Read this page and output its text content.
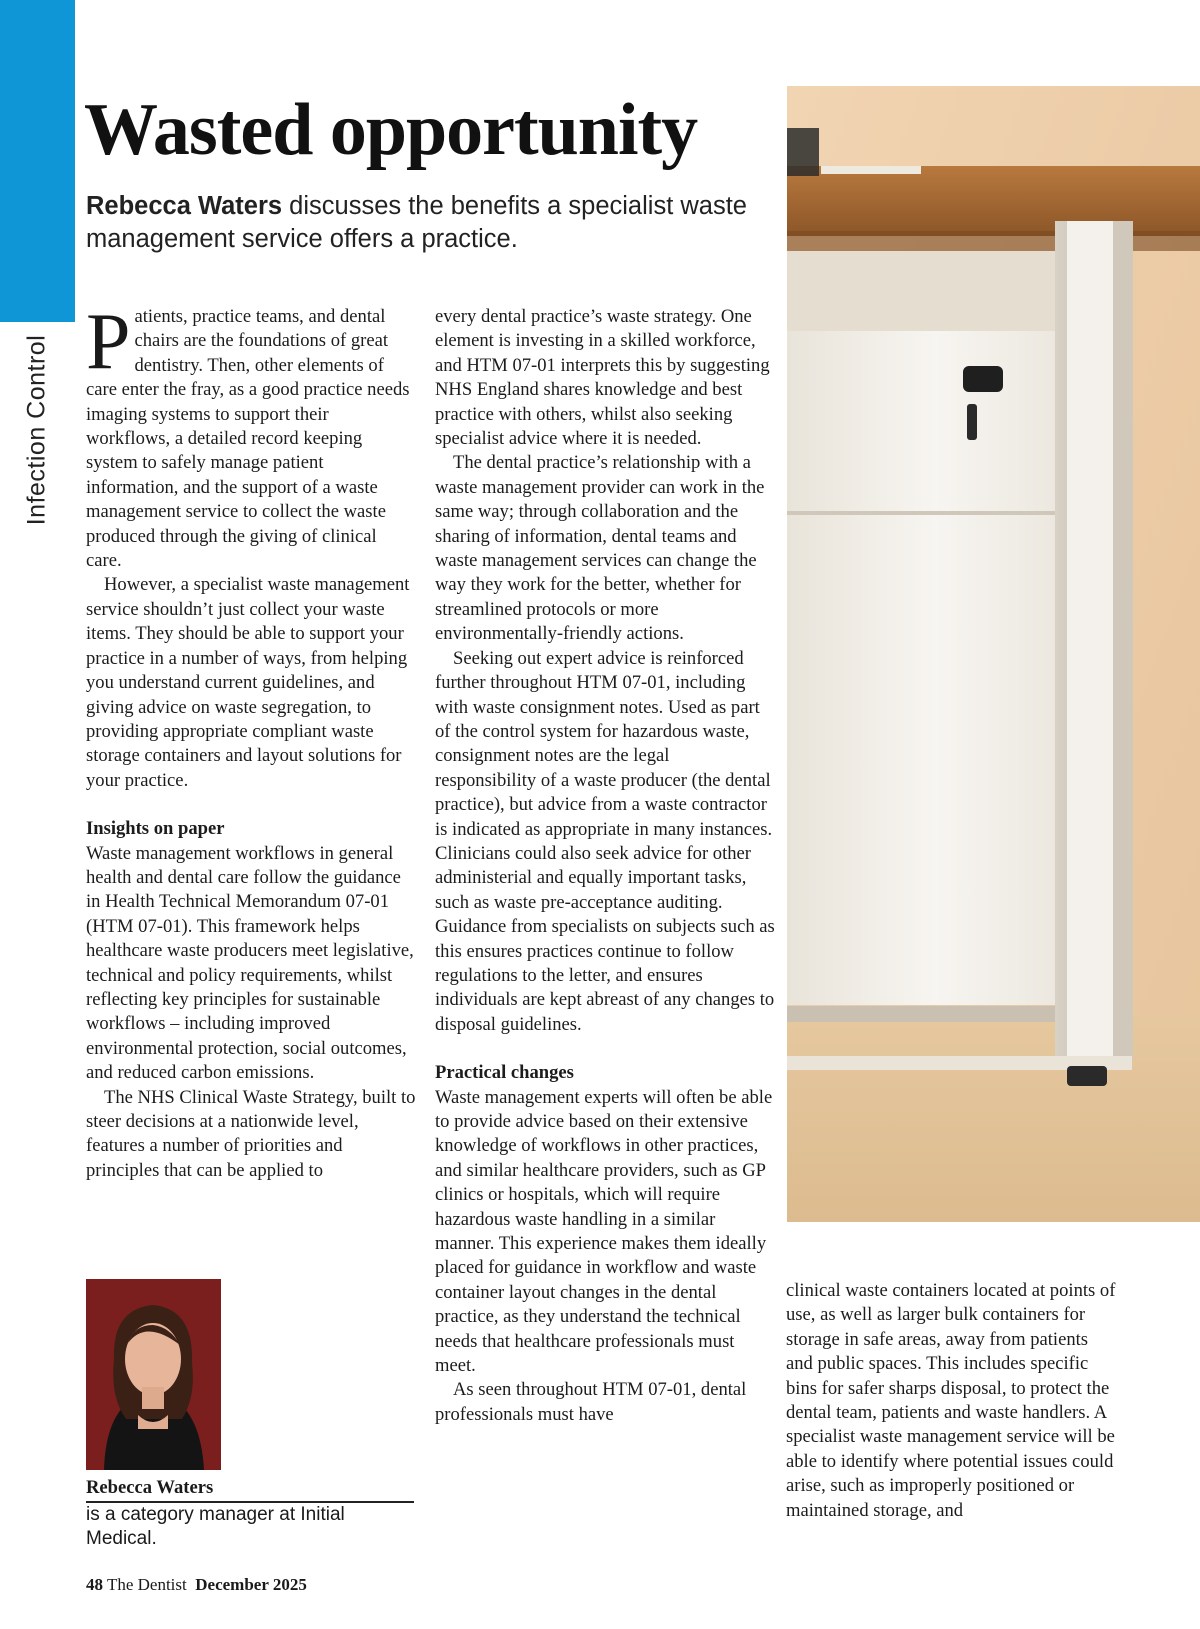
Infection Control
Wasted opportunity

Rebecca Waters discusses the benefits a specialist waste management service offers a practice.

Patients, practice teams, and dental chairs are the foundations of great dentistry. Then, other elements of care enter the fray, as a good practice needs imaging systems to support their workflows, a detailed record keeping system to safely manage patient information, and the support of a waste management service to collect the waste produced through the giving of clinical care.

However, a specialist waste management service shouldn’t just collect your waste items. They should be able to support your practice in a number of ways, from helping you understand current guidelines, and giving advice on waste segregation, to providing appropriate compliant waste storage containers and layout solutions for your practice.

Insights on paper

Waste management workflows in general health and dental care follow the guidance in Health Technical Memorandum 07-01 (HTM 07-01). This framework helps healthcare waste producers meet legislative, technical and policy requirements, whilst reflecting key principles for sustainable workflows – including improved environmental protection, social outcomes, and reduced carbon emissions.

The NHS Clinical Waste Strategy, built to steer decisions at a nationwide level, features a number of priorities and principles that can be applied to

every dental practice’s waste strategy. One element is investing in a skilled workforce, and HTM 07-01 interprets this by suggesting NHS England shares knowledge and best practice with others, whilst also seeking specialist advice where it is needed.

The dental practice’s relationship with a waste management provider can work in the same way; through collaboration and the sharing of information, dental teams and waste management services can change the way they work for the better, whether for streamlined protocols or more environmentally-friendly actions.

Seeking out expert advice is reinforced further throughout HTM 07-01, including with waste consignment notes. Used as part of the control system for hazardous waste, consignment notes are the legal responsibility of a waste producer (the dental practice), but advice from a waste contractor is indicated as appropriate in many instances. Clinicians could also seek advice for other administerial and equally important tasks, such as waste pre-acceptance auditing. Guidance from specialists on subjects such as this ensures practices continue to follow regulations to the letter, and ensures individuals are kept abreast of any changes to disposal guidelines.

Practical changes

Waste management experts will often be able to provide advice based on their extensive knowledge of workflows in other practices, and similar healthcare providers, such as GP clinics or hospitals, which will require hazardous waste handling in a similar manner. This experience makes them ideally placed for guidance in workflow and waste container layout changes in the dental practice, as they understand the technical needs that healthcare professionals must meet.

As seen throughout HTM 07-01, dental professionals must have

clinical waste containers located at points of use, as well as larger bulk containers for storage in safe areas, away from patients and public spaces. This includes specific bins for safer sharps disposal, to protect the dental team, patients and waste handlers. A specialist waste management service will be able to identify where potential issues could arise, such as improperly positioned or maintained storage, and

Rebecca Waters
is a category manager at Initial Medical.
48 The Dentist December 2025
